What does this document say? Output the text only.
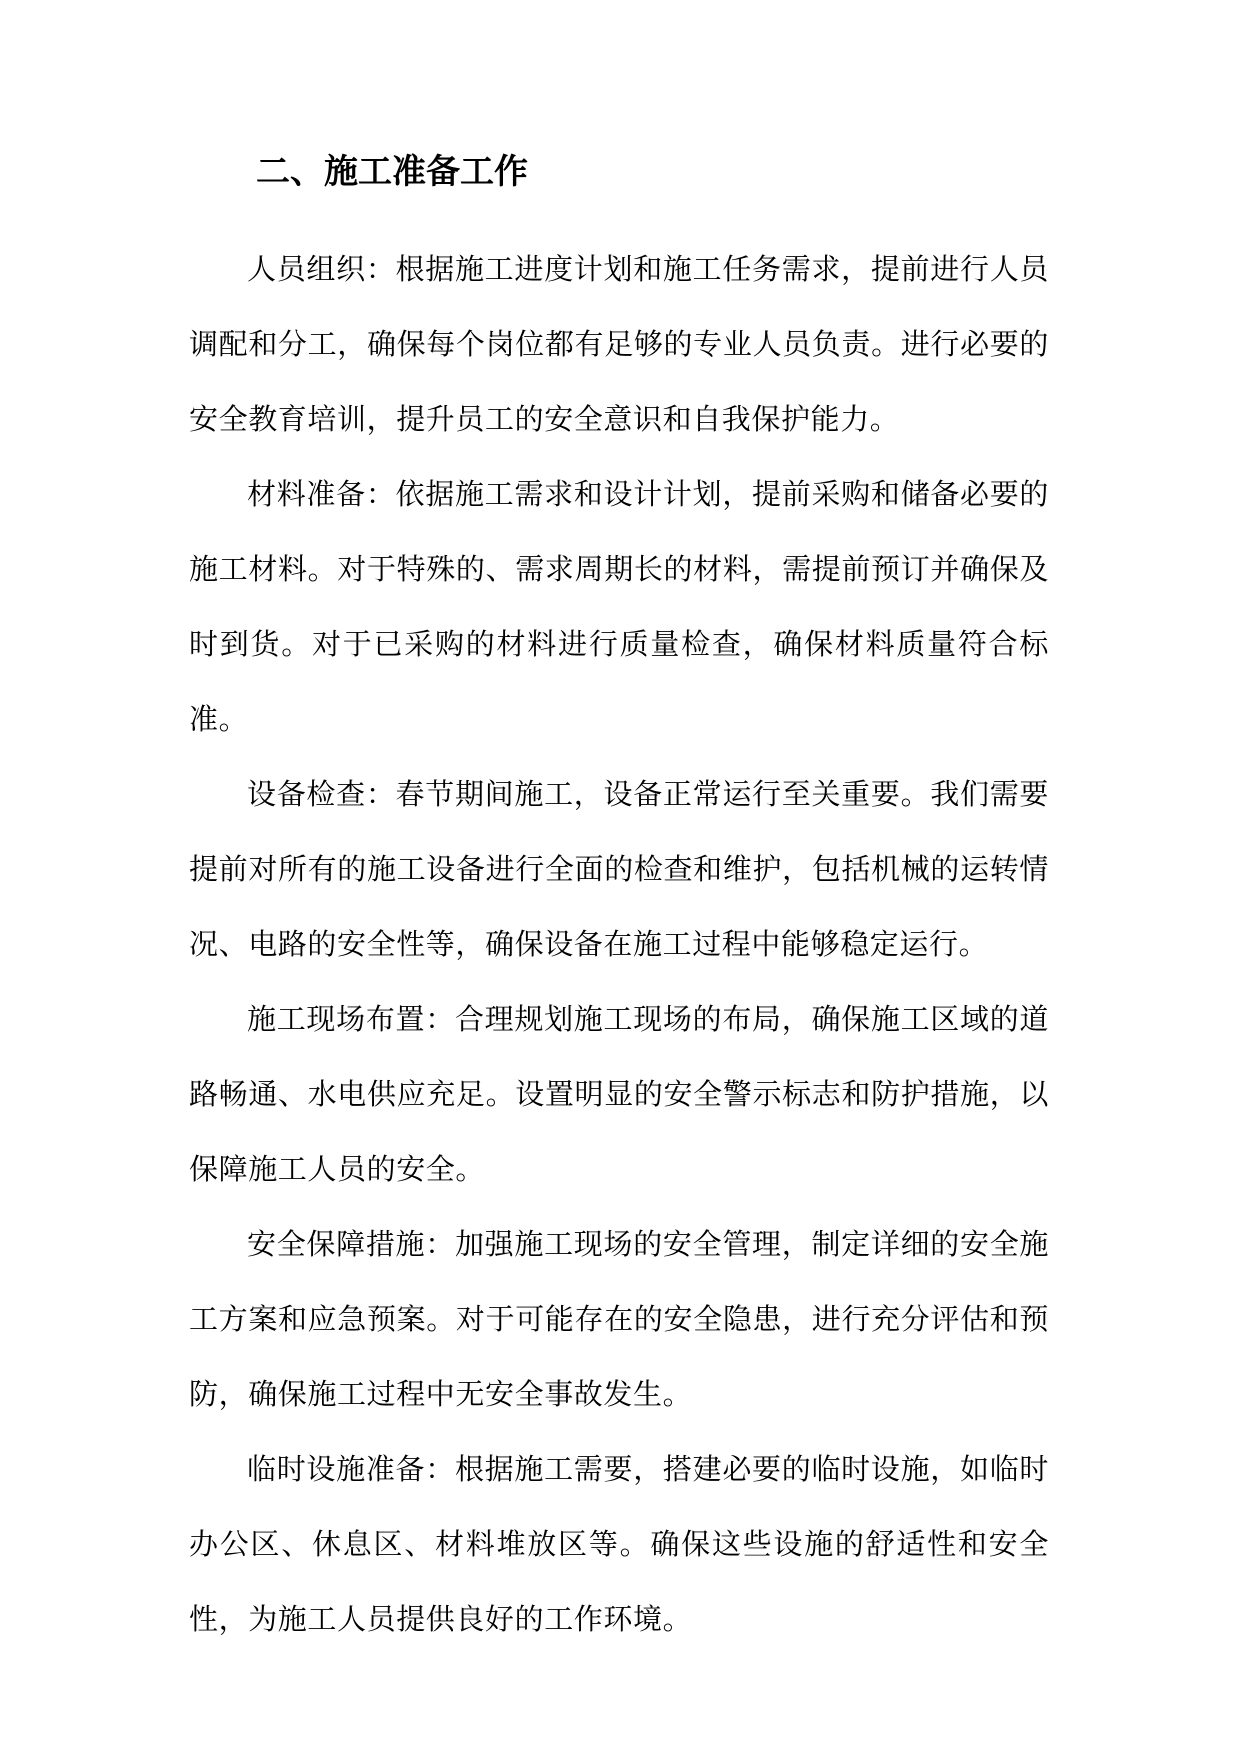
二、施工准备工作

人员组织：根据施工进度计划和施工任务需求，提前进行人员调配和分工，确保每个岗位都有足够的专业人员负责。进行必要的安全教育培训，提升员工的安全意识和自我保护能力。

材料准备：依据施工需求和设计计划，提前采购和储备必要的施工材料。对于特殊的、需求周期长的材料，需提前预订并确保及时到货。对于已采购的材料进行质量检查，确保材料质量符合标准。

设备检查：春节期间施工，设备正常运行至关重要。我们需要提前对所有的施工设备进行全面的检查和维护，包括机械的运转情况、电路的安全性等，确保设备在施工过程中能够稳定运行。

施工现场布置：合理规划施工现场的布局，确保施工区域的道路畅通、水电供应充足。设置明显的安全警示标志和防护措施，以保障施工人员的安全。

安全保障措施：加强施工现场的安全管理，制定详细的安全施工方案和应急预案。对于可能存在的安全隐患，进行充分评估和预防，确保施工过程中无安全事故发生。

临时设施准备：根据施工需要，搭建必要的临时设施，如临时办公区、休息区、材料堆放区等。确保这些设施的舒适性和安全性，为施工人员提供良好的工作环境。
